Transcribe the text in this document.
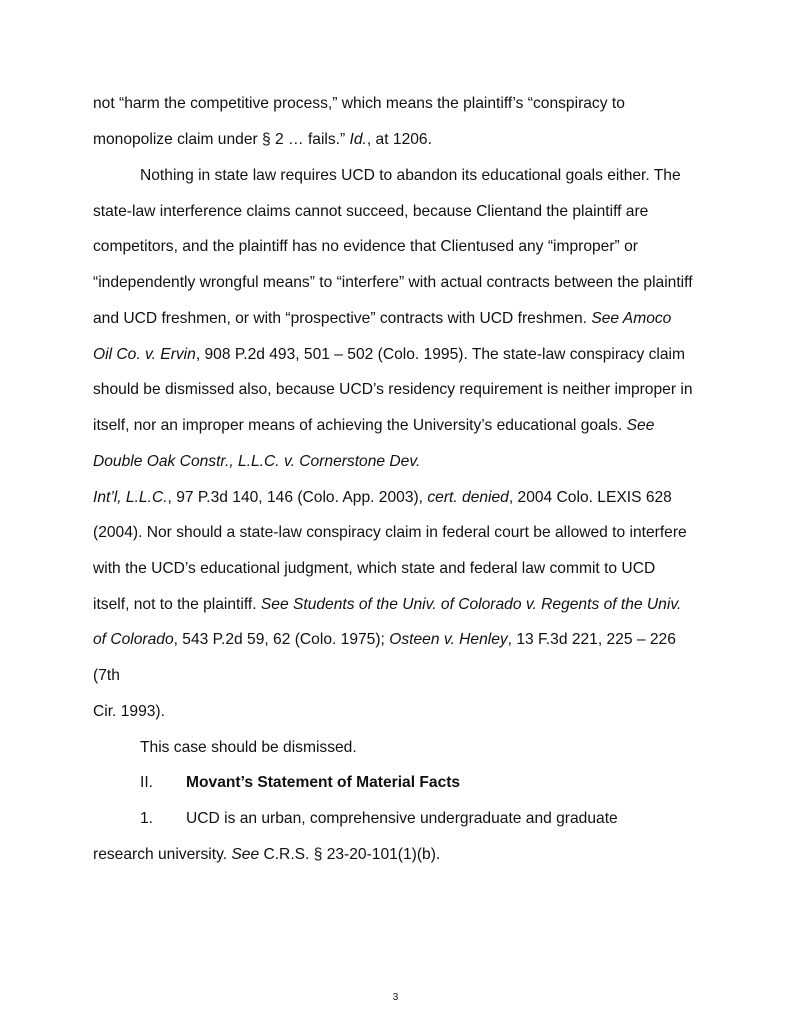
not “harm the competitive process,” which means the plaintiff’s “conspiracy to
monopolize claim under § 2 … fails.” Id., at 1206.
Nothing in state law requires UCD to abandon its educational goals either. The
state-law interference claims cannot succeed, because Clientand the plaintiff are
competitors, and the plaintiff has no evidence that Clientused any “improper” or
“independently wrongful means” to “interfere” with actual contracts between the plaintiff
and UCD freshmen, or with “prospective” contracts with UCD freshmen. See Amoco
Oil Co. v. Ervin, 908 P.2d 493, 501 – 502 (Colo. 1995). The state-law conspiracy claim
should be dismissed also, because UCD’s residency requirement is neither improper in
itself, nor an improper means of achieving the University’s educational goals. See
Double Oak Constr., L.L.C. v. Cornerstone Dev.
Int’l, L.L.C., 97 P.3d 140, 146 (Colo. App. 2003), cert. denied, 2004 Colo. LEXIS 628
(2004). Nor should a state-law conspiracy claim in federal court be allowed to interfere
with the UCD’s educational judgment, which state and federal law commit to UCD
itself, not to the plaintiff. See Students of the Univ. of Colorado v. Regents of the Univ.
of Colorado, 543 P.2d 59, 62 (Colo. 1975); Osteen v. Henley, 13 F.3d 221, 225 – 226
(7th
Cir. 1993).
This case should be dismissed.
II. Movant’s Statement of Material Facts
1. UCD is an urban, comprehensive undergraduate and graduate
research university. See C.R.S. § 23-20-101(1)(b).
3
